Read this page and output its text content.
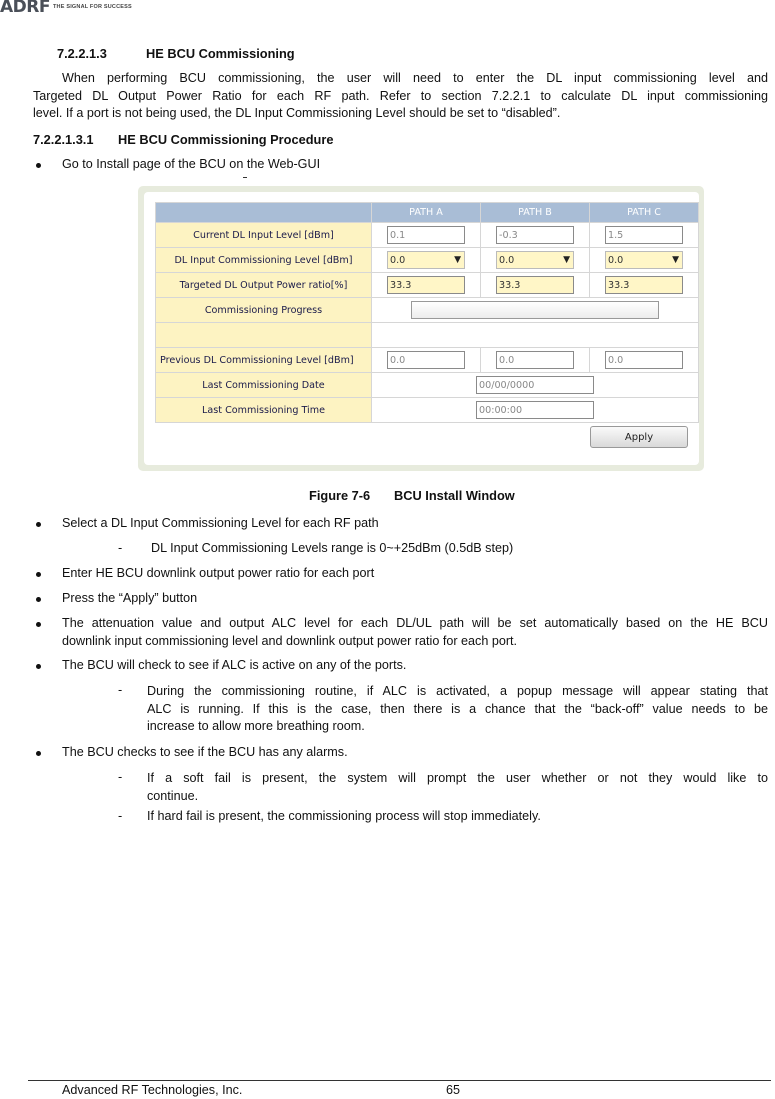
ADRF THE SIGNAL FOR SUCCESS
7.2.2.1.3	HE BCU Commissioning
When performing BCU commissioning, the user will need to enter the DL input commissioning level and
Targeted DL Output Power Ratio for each RF path. Refer to section 7.2.2.1 to calculate DL input commissioning
level. If a port is not being used, the DL Input Commissioning Level should be set to “disabled”.
7.2.2.1.3.1 HE BCU Commissioning Procedure
Go to Install page of the BCU on the Web-GUI
	PATH A	PATH B	PATH C
Current DL Input Level [dBm]	0.1	-0.3	1.5

DL Input Commissioning Level [dBm]	0.0 ▼	0.0 ▼	0.0 ▼

Targeted DL Output Power ratio[%]	33.3	33.3	33.3

Commissioning Progress			

Previous DL Commissioning Level [dBm]	0.0	0.0	0.0

Last Commissioning Date	00/00/0000		

Last Commissioning Time	00:00:00		
Apply
Figure 7-6 BCU Install Window
Select a DL Input Commissioning Level for each RF path
- DL Input Commissioning Levels range is 0~+25dBm (0.5dB step)
Enter HE BCU downlink output power ratio for each port
Press the “Apply” button
The attenuation value and output ALC level for each DL/UL path will be set automatically based on the HE BCU
downlink input commissioning level and downlink output power ratio for each port.
The BCU will check to see if ALC is active on any of the ports.
- During the commissioning routine, if ALC is activated, a popup message will appear stating that
ALC is running. If this is the case, then there is a chance that the “back-off” value needs to be
increase to allow more breathing room.
The BCU checks to see if the BCU has any alarms.
- If a soft fail is present, the system will prompt the user whether or not they would like to
continue.
- If hard fail is present, the commissioning process will stop immediately.
Advanced RF Technologies, Inc.	65
